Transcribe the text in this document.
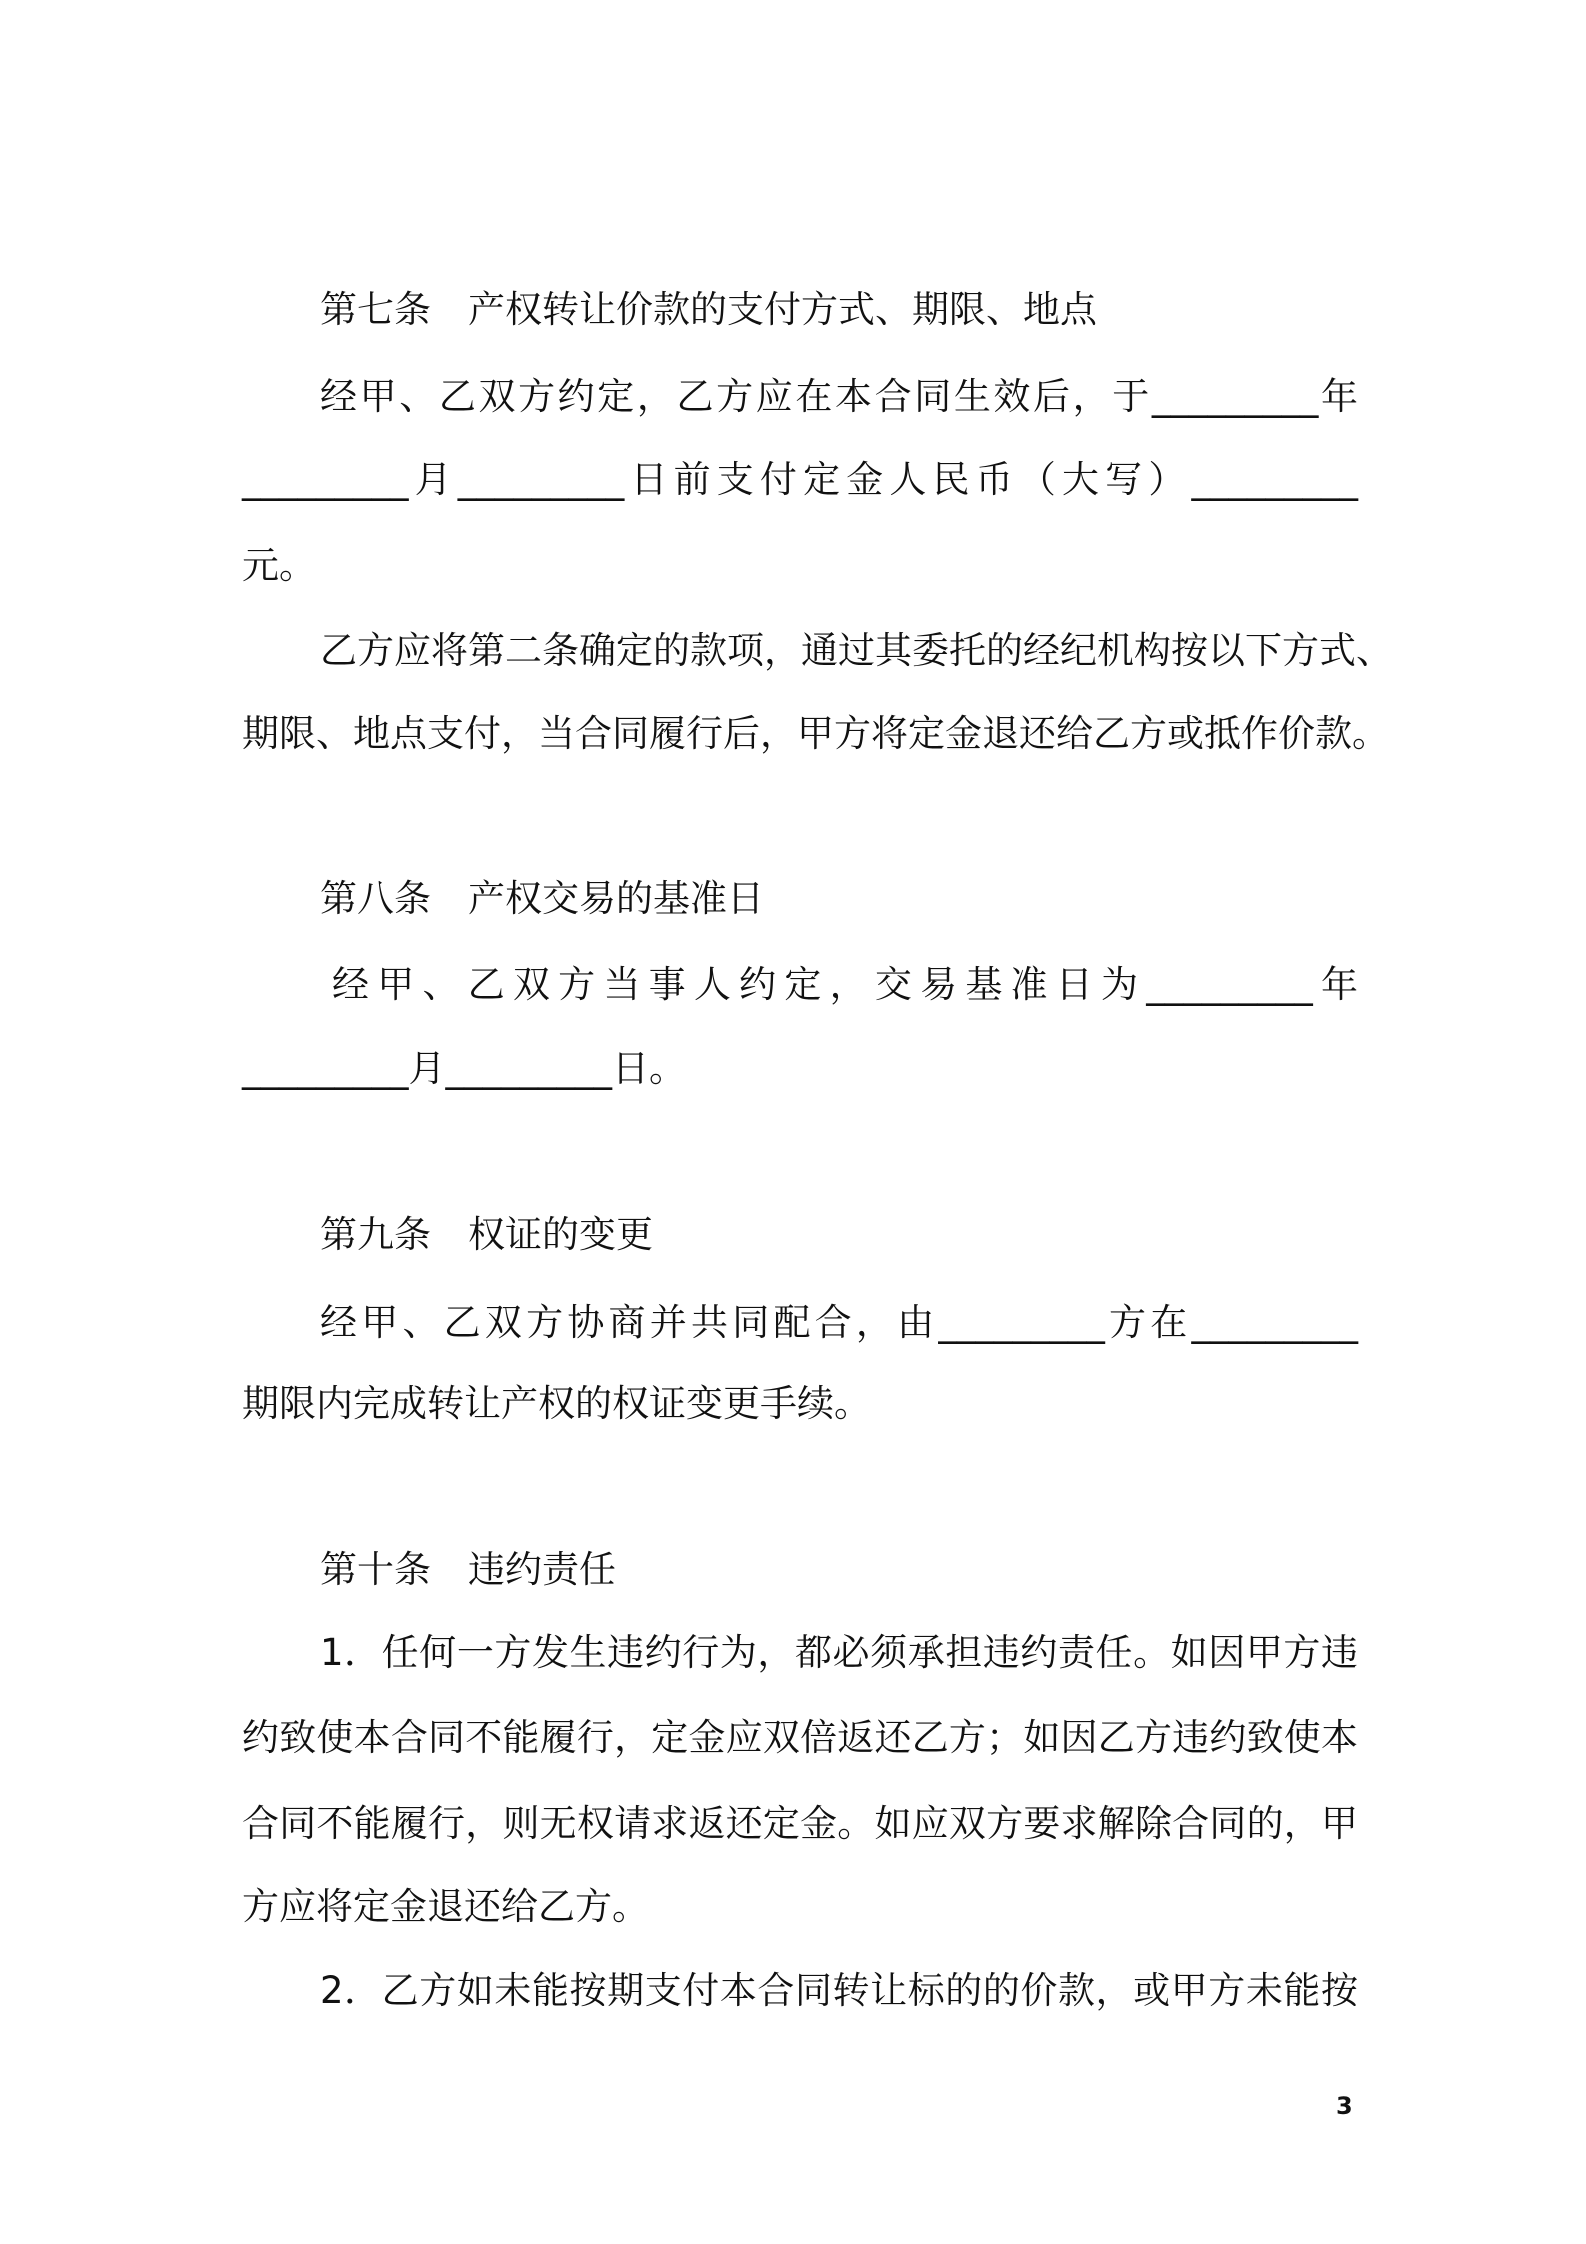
第七条　产权转让价款的支付方式、期限、地点
经甲、乙双方约定，乙方应在本合同生效后，于_________年
_________月_________日前支付定金人民币（大写）_________
元。
乙方应将第二条确定的款项，通过其委托的经纪机构按以下方式、
期限、地点支付，当合同履行后，甲方将定金退还给乙方或抵作价款。
第八条　产权交易的基准日
经甲、乙双方当事人约定，交易基准日为_________年
_________月_________日。
第九条　权证的变更
经甲、乙双方协商并共同配合，由_________方在_________
期限内完成转让产权的权证变更手续。
第十条　违约责任
1．任何一方发生违约行为，都必须承担违约责任。如因甲方违
约致使本合同不能履行，定金应双倍返还乙方；如因乙方违约致使本
合同不能履行，则无权请求返还定金。如应双方要求解除合同的，甲
方应将定金退还给乙方。
2．乙方如未能按期支付本合同转让标的的价款，或甲方未能按
3
